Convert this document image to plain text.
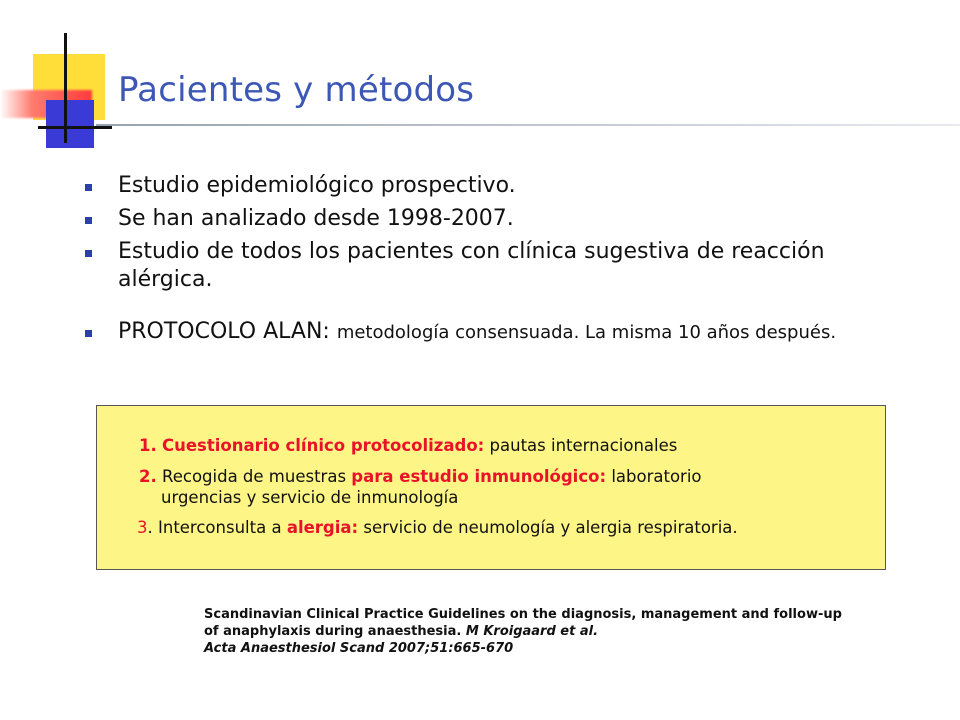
Pacientes y métodos
Estudio epidemiológico prospectivo.
Se han analizado desde 1998-2007.
Estudio de todos los pacientes con clínica sugestiva de reacción alérgica.
PROTOCOLO ALAN: metodología consensuada. La misma 10 años después.
1. Cuestionario clínico protocolizado: pautas internacionales
2. Recogida de muestras para estudio inmunológico: laboratorio
urgencias y servicio de inmunología
3. Interconsulta a alergia: servicio de neumología y alergia respiratoria.
Scandinavian Clinical Practice Guidelines on the diagnosis, management and follow-up
of anaphylaxis during anaesthesia. M Kroigaard et al.
Acta Anaesthesiol Scand 2007;51:665-670
